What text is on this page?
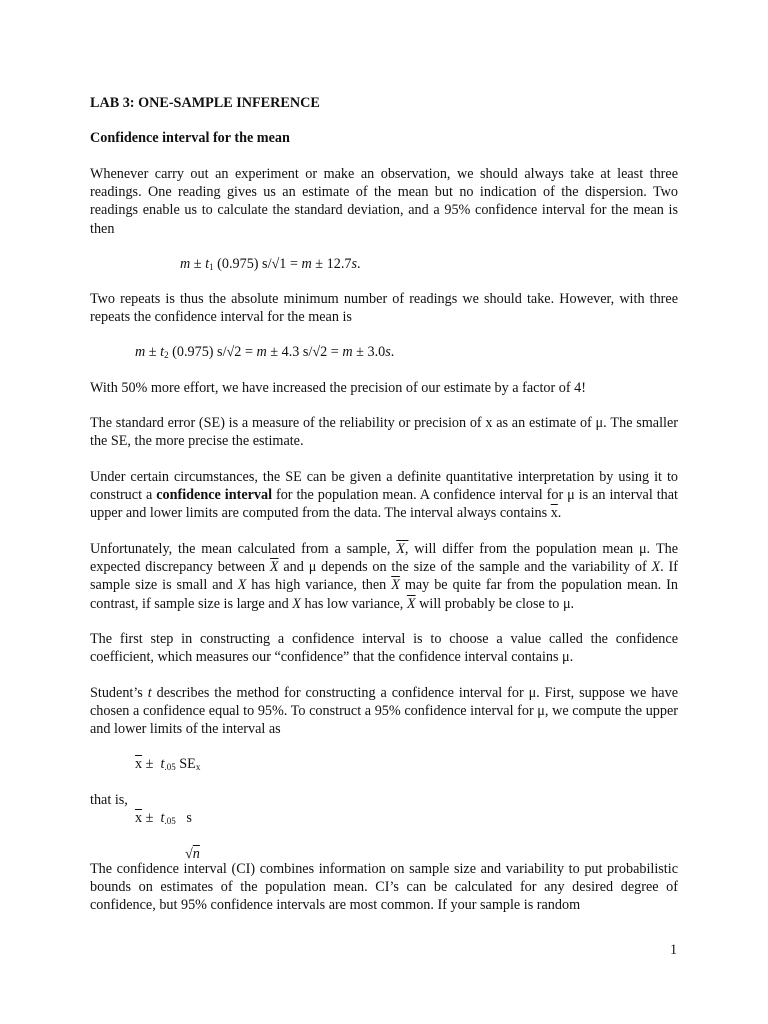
LAB 3: ONE-SAMPLE INFERENCE
Confidence interval for the mean

Whenever carry out an experiment or make an observation, we should always take at least three readings. One reading gives us an estimate of the mean but no indication of the dispersion. Two readings enable us to calculate the standard deviation, and a 95% confidence interval for the mean is then

$m \pm t_1$ (0.975) s/√1 = m ± 12.7s.

Two repeats is thus the absolute minimum number of readings we should take. However, with three repeats the confidence interval for the mean is

$m \pm t_2$ (0.975) s/√2 = m ± 4.3 s/√2 = m ± 3.0s.

With 50% more effort, we have increased the precision of our estimate by a factor of 4!

The standard error (SE) is a measure of the reliability or precision of x as an estimate of μ. The smaller the SE, the more precise the estimate.

Under certain circumstances, the SE can be given a definite quantitative interpretation by using it to construct a confidence interval for the population mean. A confidence interval for μ is an interval that upper and lower limits are computed from the data. The interval always contains $\overline{x}$.

Unfortunately, the mean calculated from a sample, X, will differ from the population mean μ. The expected discrepancy between $\overline{X}$ and μ depends on the size of the sample and the variability of X. If sample size is small and X has high variance, then $\overline{X}$ may be quite far from the population mean. In contrast, if sample size is large and X has low variance, $\overline{X}$ will probably be close to μ.

The first step in constructing a confidence interval is to choose a value called the confidence coefficient, which measures our “confidence” that the confidence interval contains μ.

Student’s t describes the method for constructing a confidence interval for μ. First, suppose we have chosen a confidence equal to 95%. To construct a 95% confidence interval for μ, we compute the upper and lower limits of the interval as

$\overline{x} \pm t_{.05}$ $SE_x$
that is,
$\overline{x} \pm t_{.05}$ s
√n

The confidence interval (CI) combines information on sample size and variability to put probabilistic bounds on estimates of the population mean. CI’s can be calculated for any desired degree of confidence, but 95% confidence intervals are most common. If your sample is random

1
